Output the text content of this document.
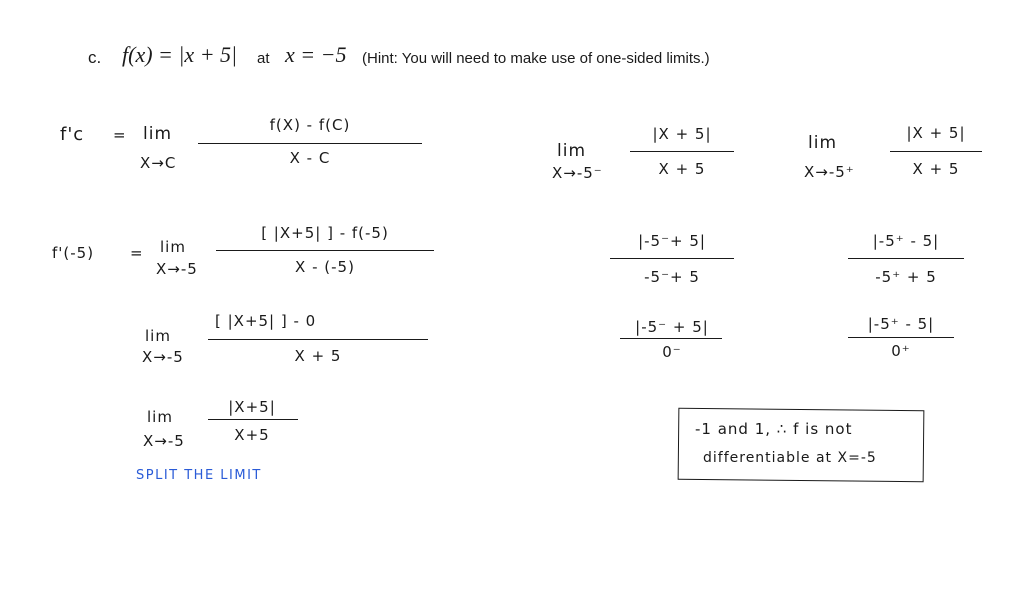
c. f(x) = |x + 5| at x = −5 (Hint: You will need to make use of one-sided limits.)
f'c = lim
X→C
f(X) - f(C)
X - C
f'(-5) = lim
X→-5
[ |X+5| ] - f(-5)
X - (-5)
lim
X→-5
[ |X+5| ] - 0
X + 5
lim
X→-5
|X+5|
X+5
SPLIT THE LIMIT
lim
X→-5⁻
|X + 5|
X + 5
|-5⁻+ 5|
-5⁻+ 5
|-5⁻ + 5|
0⁻
lim
X→-5⁺
|X + 5|
X + 5
|-5⁺ - 5|
-5⁺ + 5
|-5⁺ - 5|
0⁺
-1 and 1, ∴ f is not
differentiable at X=-5
